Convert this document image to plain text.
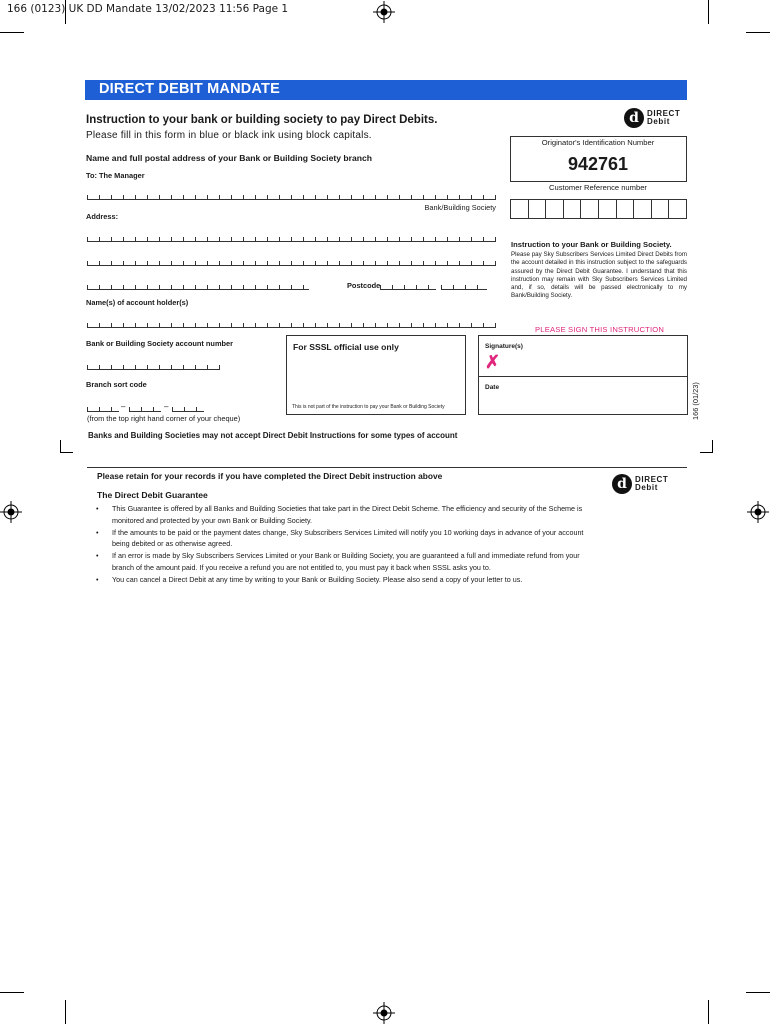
166 (0123) UK DD Mandate 13/02/2023 11:56 Page 1
DIRECT DEBIT MANDATE
Instruction to your bank or building society to pay Direct Debits.
Please fill in this form in blue or black ink using block capitals.
d	DIRECT
Debit
Name and full postal address of your Bank or Building Society branch
To: The Manager
Bank/Building Society
Address:
Postcode
Name(s) of account holder(s)
Bank or Building Society account number
Branch sort code
–	–
(from the top right hand corner of your cheque)
For SSSL official use only
This is not part of the instruction to pay your Bank or Building Society
Originator's Identification Number
942761
Customer Reference number
Instruction to your Bank or Building Society.
Please pay Sky Subscribers Services Limited Direct Debits from the account detailed in this instruction subject to the safeguards assured by the Direct Debit Guarantee. I understand that this instruction may remain with Sky Subscribers Services Limited and, if so, details will be passed electronically to my Bank/Building Society.
PLEASE SIGN THIS INSTRUCTION
Signature(s)
✗
Date	166 (01/23)
Banks and Building Societies may not accept Direct Debit Instructions for some types of account
Please retain for your records if you have completed the Direct Debit instruction above
The Direct Debit Guarantee
d	DIRECT
Debit
• This Guarantee is offered by all Banks and Building Societies that take part in the Direct Debit Scheme. The efficiency and security of the Scheme is monitored and protected by your own Bank or Building Society.
• If the amounts to be paid or the payment dates change, Sky Subscribers Services Limited will notify you 10 working days in advance of your account being debited or as otherwise agreed.
• If an error is made by Sky Subscribers Services Limited or your Bank or Building Society, you are guaranteed a full and immediate refund from your branch of the amount paid. If you receive a refund you are not entitled to, you must pay it back when SSSL asks you to.
• You can cancel a Direct Debit at any time by writing to your Bank or Building Society. Please also send a copy of your letter to us.
